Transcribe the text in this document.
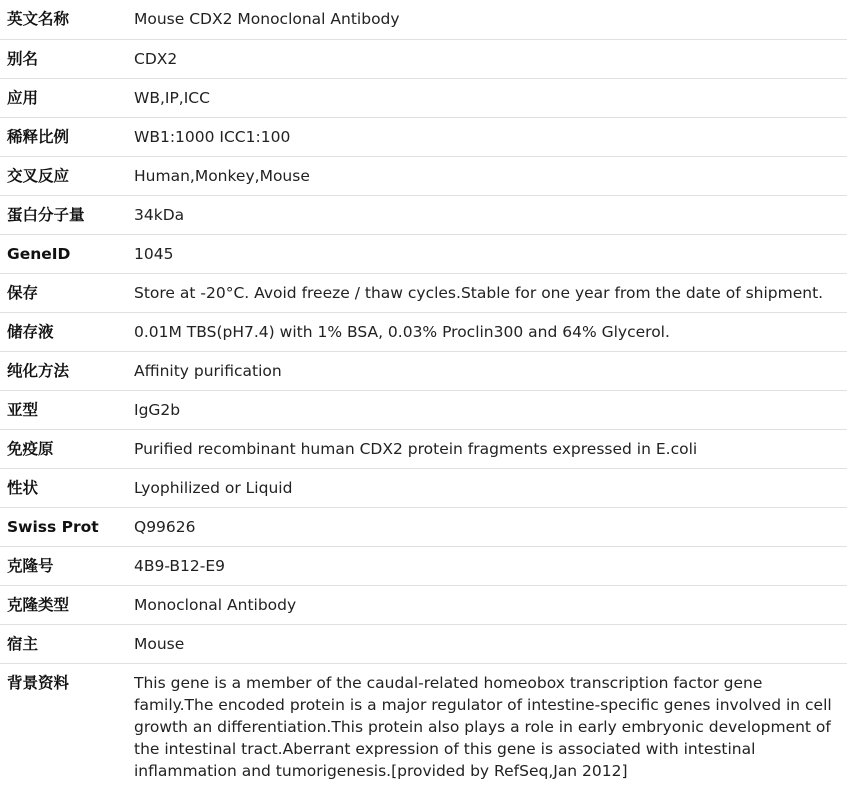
英文名称	Mouse CDX2 Monoclonal Antibody
别名	CDX2
应用	WB,IP,ICC
稀释比例	WB1:1000 ICC1:100
交叉反应	Human,Monkey,Mouse
蛋白分子量	34kDa
GeneID	1045
保存	Store at -20°C. Avoid freeze / thaw cycles.Stable for one year from the date of shipment.
储存液	0.01M TBS(pH7.4) with 1% BSA, 0.03% Proclin300 and 64% Glycerol.
纯化方法	Affinity purification
亚型	IgG2b
免疫原	Purified recombinant human CDX2 protein fragments expressed in E.coli
性状	Lyophilized or Liquid
Swiss Prot	Q99626
克隆号	4B9-B12-E9
克隆类型	Monoclonal Antibody
宿主	Mouse
背景资料	This gene is a member of the caudal-related homeobox transcription factor gene family.The encoded protein is a major regulator of intestine-specific genes involved in cell growth an differentiation.This protein also plays a role in early embryonic development of the intestinal tract.Aberrant expression of this gene is associated with intestinal inflammation and tumorigenesis.[provided by RefSeq,Jan 2012]
